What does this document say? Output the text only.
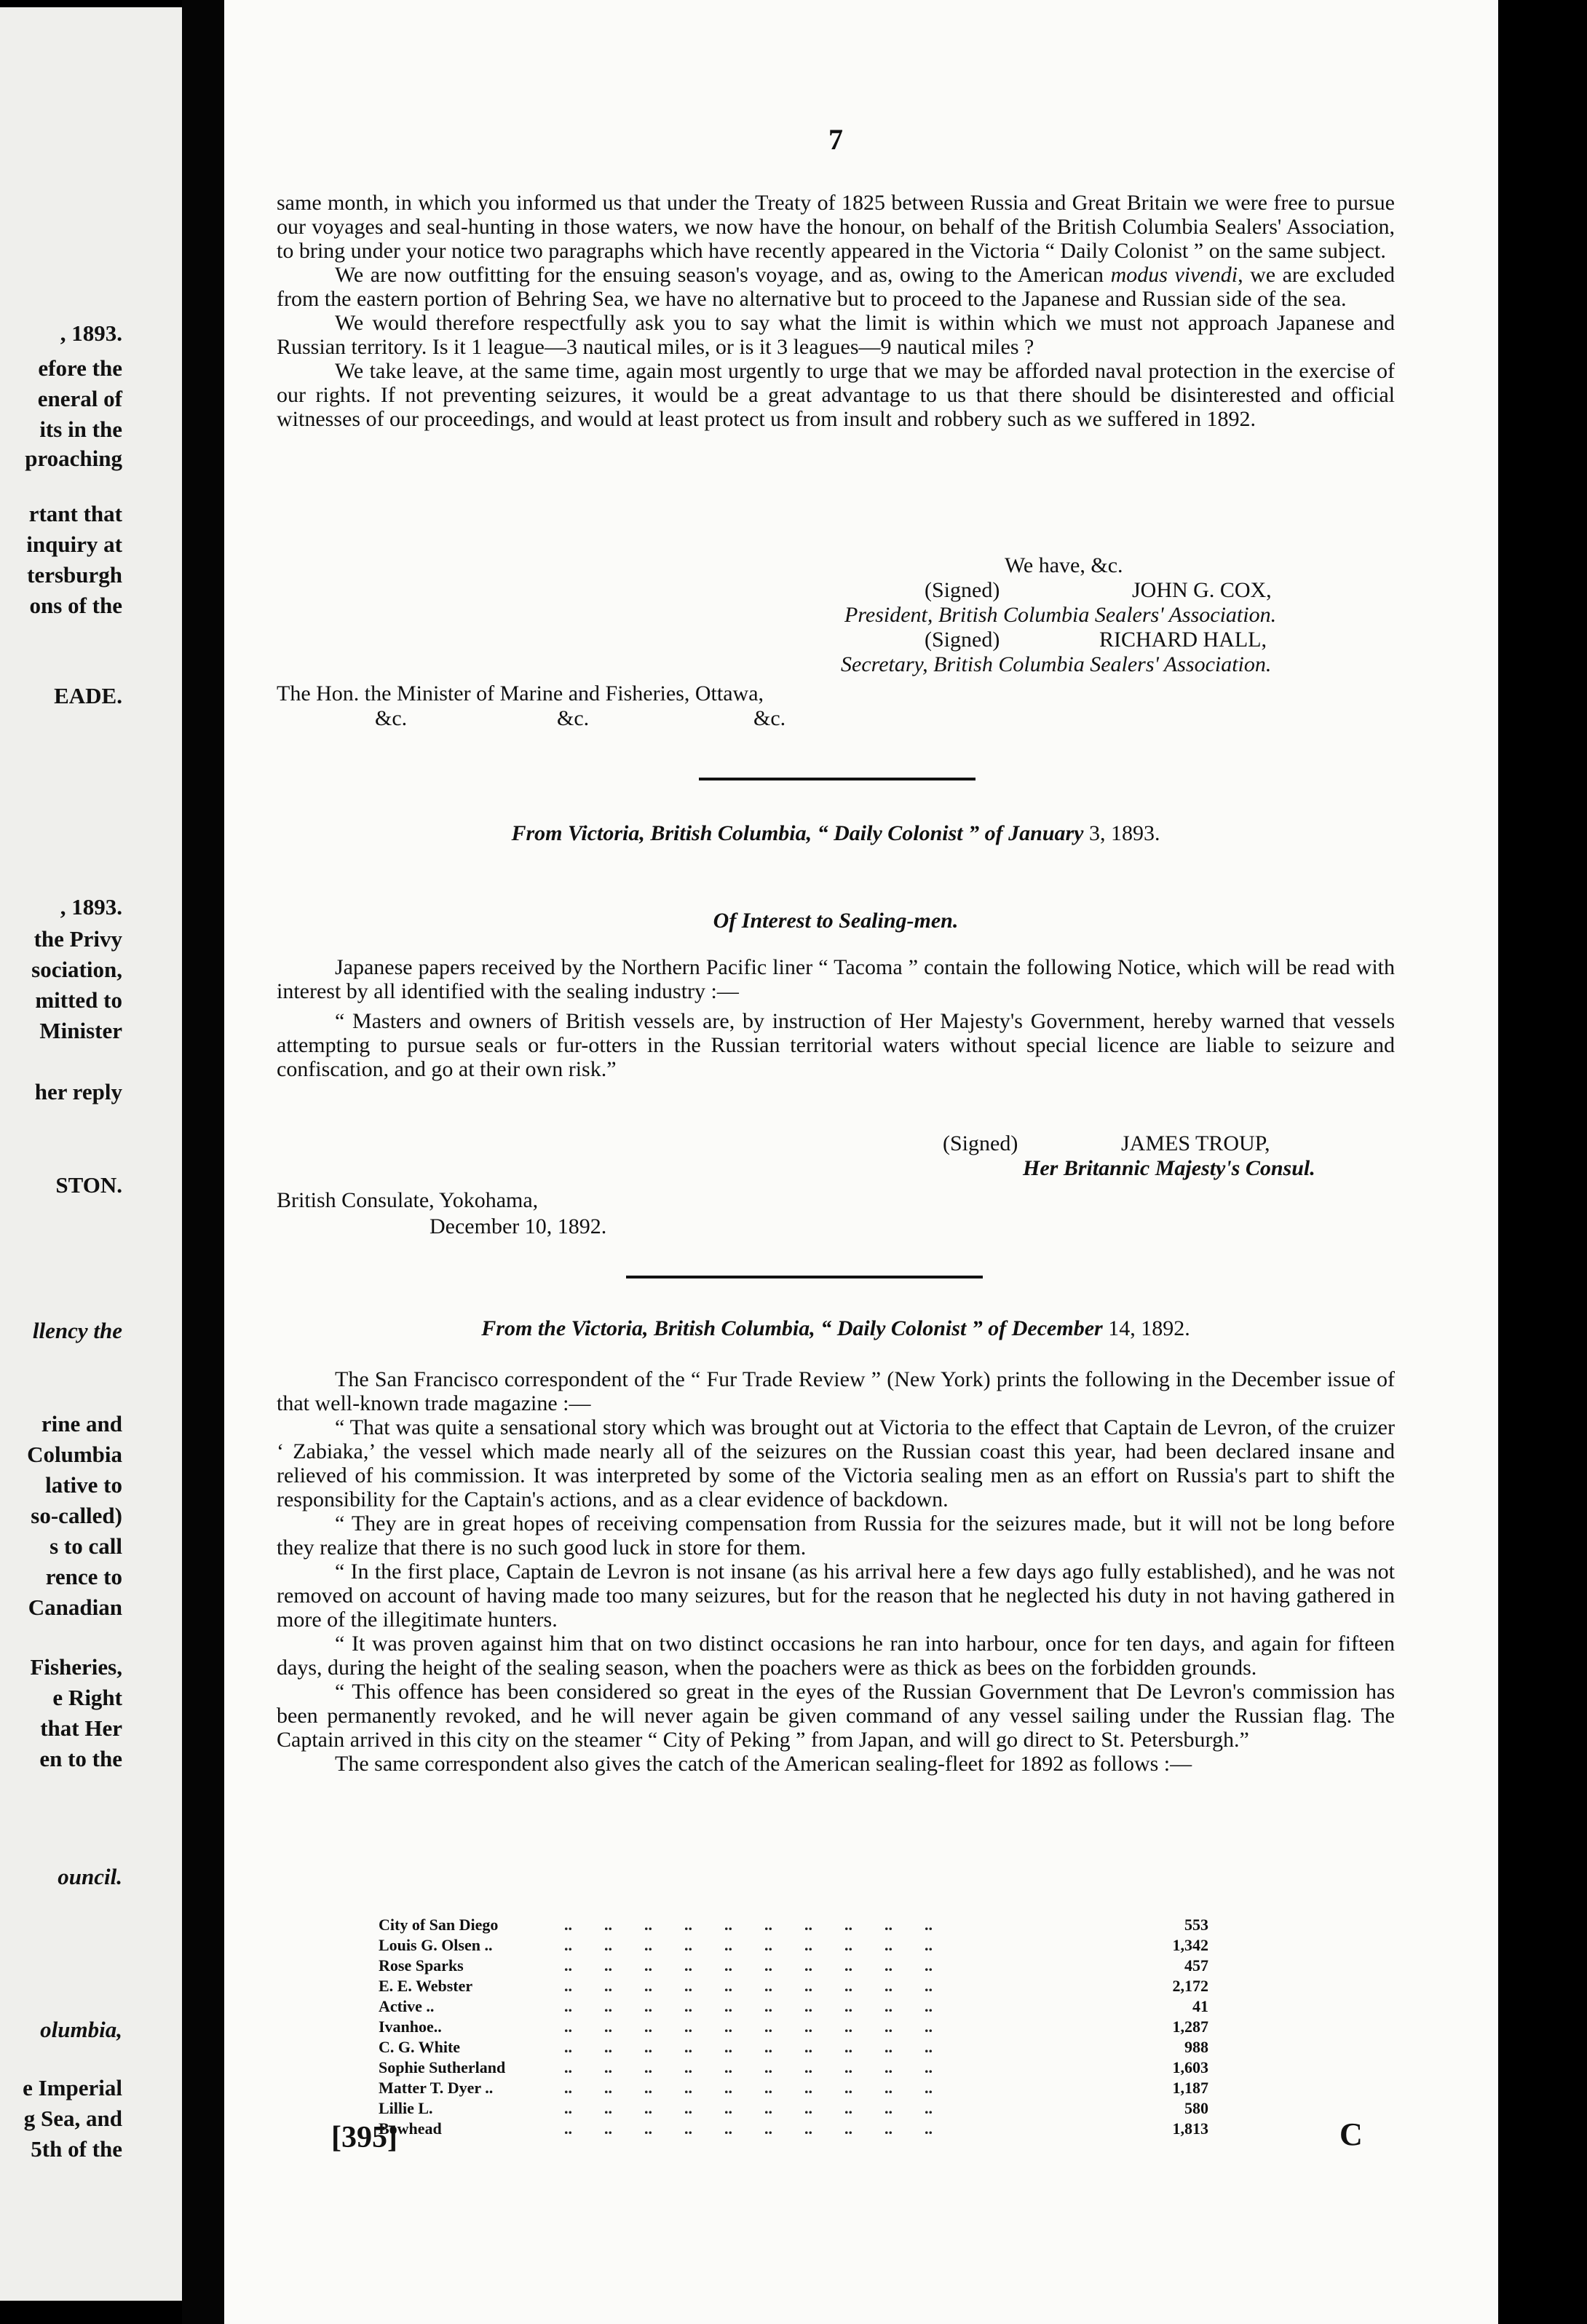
, 1893.
efore the
eneral of
its in the
proaching
rtant that
inquiry at
tersburgh
ons of the
EADE.
, 1893.
the Privy
sociation,
mitted to
Minister
her reply
STON.
llency the
rine and
Columbia
lative to
so-called)
s to call
rence to
Canadian
Fisheries,
e Right
that Her
en to the
ouncil.
olumbia,
e Imperial
g Sea, and
5th of the
7

same month, in which you informed us that under the Treaty of 1825 between Russia and Great Britain we were free to pursue our voyages and seal-hunting in those waters, we now have the honour, on behalf of the British Columbia Sealers' Association, to bring under your notice two paragraphs which have recently appeared in the Victoria “ Daily Colonist ” on the same subject.

We are now outfitting for the ensuing season's voyage, and as, owing to the American modus vivendi, we are excluded from the eastern portion of Behring Sea, we have no alternative but to proceed to the Japanese and Russian side of the sea.

We would therefore respectfully ask you to say what the limit is within which we must not approach Japanese and Russian territory. Is it 1 league—3 nautical miles, or is it 3 leagues—9 nautical miles ?

We take leave, at the same time, again most urgently to urge that we may be afforded naval protection in the exercise of our rights. If not preventing seizures, it would be a great advantage to us that there should be disinterested and official witnesses of our proceedings, and would at least protect us from insult and robbery such as we suffered in 1892.

We have, &c.
(Signed)	JOHN G. COX,
President, British Columbia Sealers' Association.
(Signed)	RICHARD HALL,
Secretary, British Columbia Sealers' Association.
The Hon. the Minister of Marine and Fisheries, Ottawa,
&c.	&c.	&c.
From Victoria, British Columbia, “ Daily Colonist ” of January 3, 1893.
Of Interest to Sealing-men.

Japanese papers received by the Northern Pacific liner “ Tacoma ” contain the following Notice, which will be read with interest by all identified with the sealing industry :—

“ Masters and owners of British vessels are, by instruction of Her Majesty's Government, hereby warned that vessels attempting to pursue seals or fur-otters in the Russian territorial waters without special licence are liable to seizure and confiscation, and go at their own risk.”

(Signed)	JAMES TROUP,
Her Britannic Majesty's Consul.
British Consulate, Yokohama,
December 10, 1892.
From the Victoria, British Columbia, “ Daily Colonist ” of December 14, 1892.

The San Francisco correspondent of the “ Fur Trade Review ” (New York) prints the following in the December issue of that well-known trade magazine :—

“ That was quite a sensational story which was brought out at Victoria to the effect that Captain de Levron, of the cruizer ‘ Zabiaka,’ the vessel which made nearly all of the seizures on the Russian coast this year, had been declared insane and relieved of his commission. It was interpreted by some of the Victoria sealing men as an effort on Russia's part to shift the responsibility for the Captain's actions, and as a clear evidence of backdown.

“ They are in great hopes of receiving compensation from Russia for the seizures made, but it will not be long before they realize that there is no such good luck in store for them.

“ In the first place, Captain de Levron is not insane (as his arrival here a few days ago fully established), and he was not removed on account of having made too many seizures, but for the reason that he neglected his duty in not having gathered in more of the illegitimate hunters.

“ It was proven against him that on two distinct occasions he ran into harbour, once for ten days, and again for fifteen days, during the height of the sealing season, when the poachers were as thick as bees on the forbidden grounds.

“ This offence has been considered so great in the eyes of the Russian Government that De Levron's commission has been permanently revoked, and he will never again be given command of any vessel sailing under the Russian flag. The Captain arrived in this city on the steamer “ City of Peking ” from Japan, and will go direct to St. Petersburgh.”

The same correspondent also gives the catch of the American sealing-fleet for 1892 as follows :—

City of San Diego	..        ..        ..        ..        ..        ..        ..        ..        ..        ..	553
Louis G. Olsen ..	..        ..        ..        ..        ..        ..        ..        ..        ..        ..	1,342
Rose Sparks	..        ..        ..        ..        ..        ..        ..        ..        ..        ..	457
E. E. Webster	..        ..        ..        ..        ..        ..        ..        ..        ..        ..	2,172
Active ..	..        ..        ..        ..        ..        ..        ..        ..        ..        ..	41
Ivanhoe..	..        ..        ..        ..        ..        ..        ..        ..        ..        ..	1,287
C. G. White	..        ..        ..        ..        ..        ..        ..        ..        ..        ..	988
Sophie Sutherland	..        ..        ..        ..        ..        ..        ..        ..        ..        ..	1,603
Matter T. Dyer ..	..        ..        ..        ..        ..        ..        ..        ..        ..        ..	1,187
Lillie L.	..        ..        ..        ..        ..        ..        ..        ..        ..        ..	580
Bowhead	..        ..        ..        ..        ..        ..        ..        ..        ..        ..	1,813
[395]	C
